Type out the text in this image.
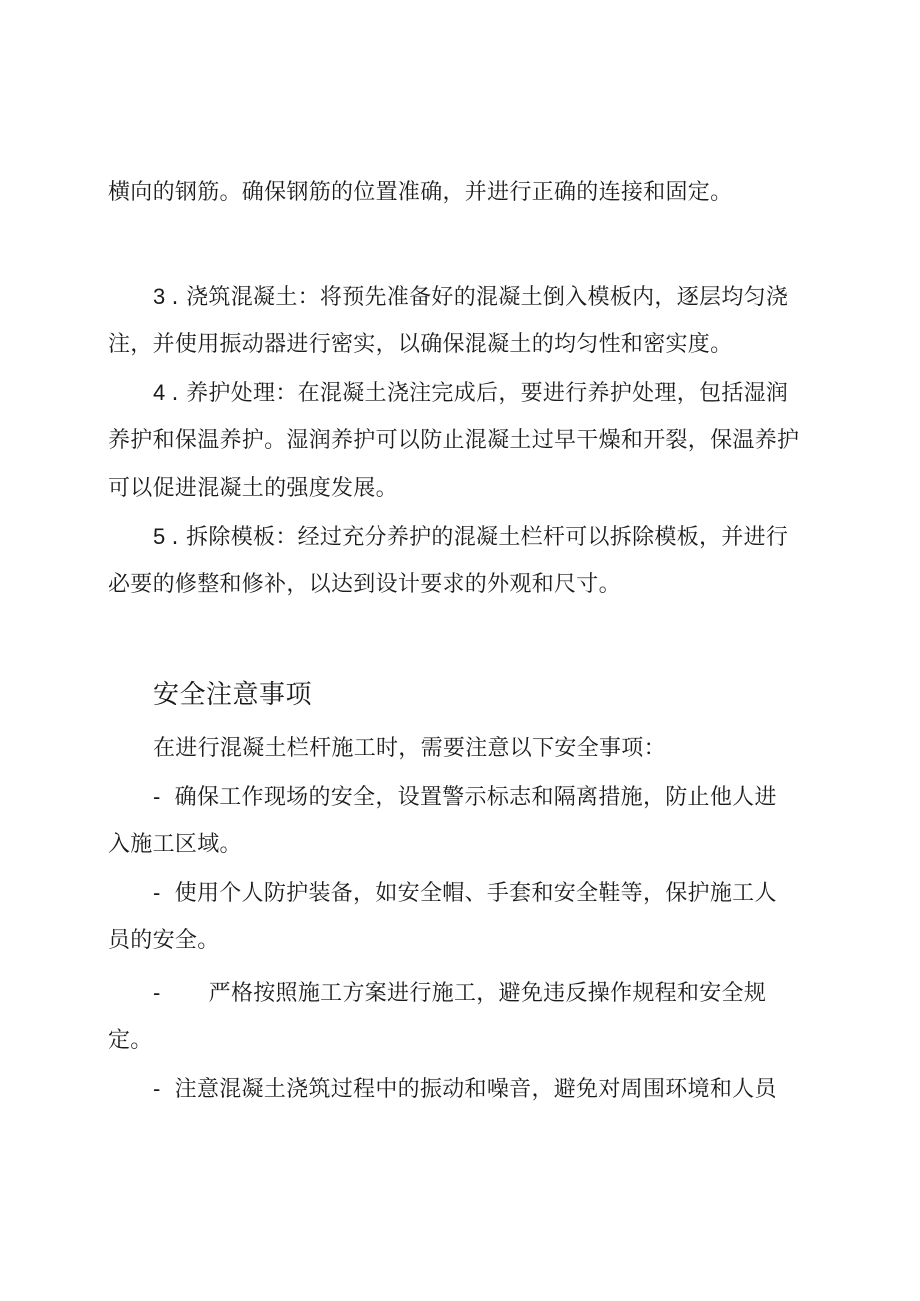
横向的钢筋。确保钢筋的位置准确，并进行正确的连接和固定。
3 . 浇筑混凝土：将预先准备好的混凝土倒入模板内，逐层均匀浇
注，并使用振动器进行密实，以确保混凝土的均匀性和密实度。
4 . 养护处理：在混凝土浇注完成后，要进行养护处理，包括湿润
养护和保温养护。湿润养护可以防止混凝土过早干燥和开裂，保温养护
可以促进混凝土的强度发展。
5 . 拆除模板：经过充分养护的混凝土栏杆可以拆除模板，并进行
必要的修整和修补，以达到设计要求的外观和尺寸。
安全注意事项
在进行混凝土栏杆施工时，需要注意以下安全事项：
- 确保工作现场的安全，设置警示标志和隔离措施，防止他人进
入施工区域。
- 使用个人防护装备，如安全帽、手套和安全鞋等，保护施工人
员的安全。
- 严格按照施工方案进行施工，避免违反操作规程和安全规
定。
- 注意混凝土浇筑过程中的振动和噪音，避免对周围环境和人员
